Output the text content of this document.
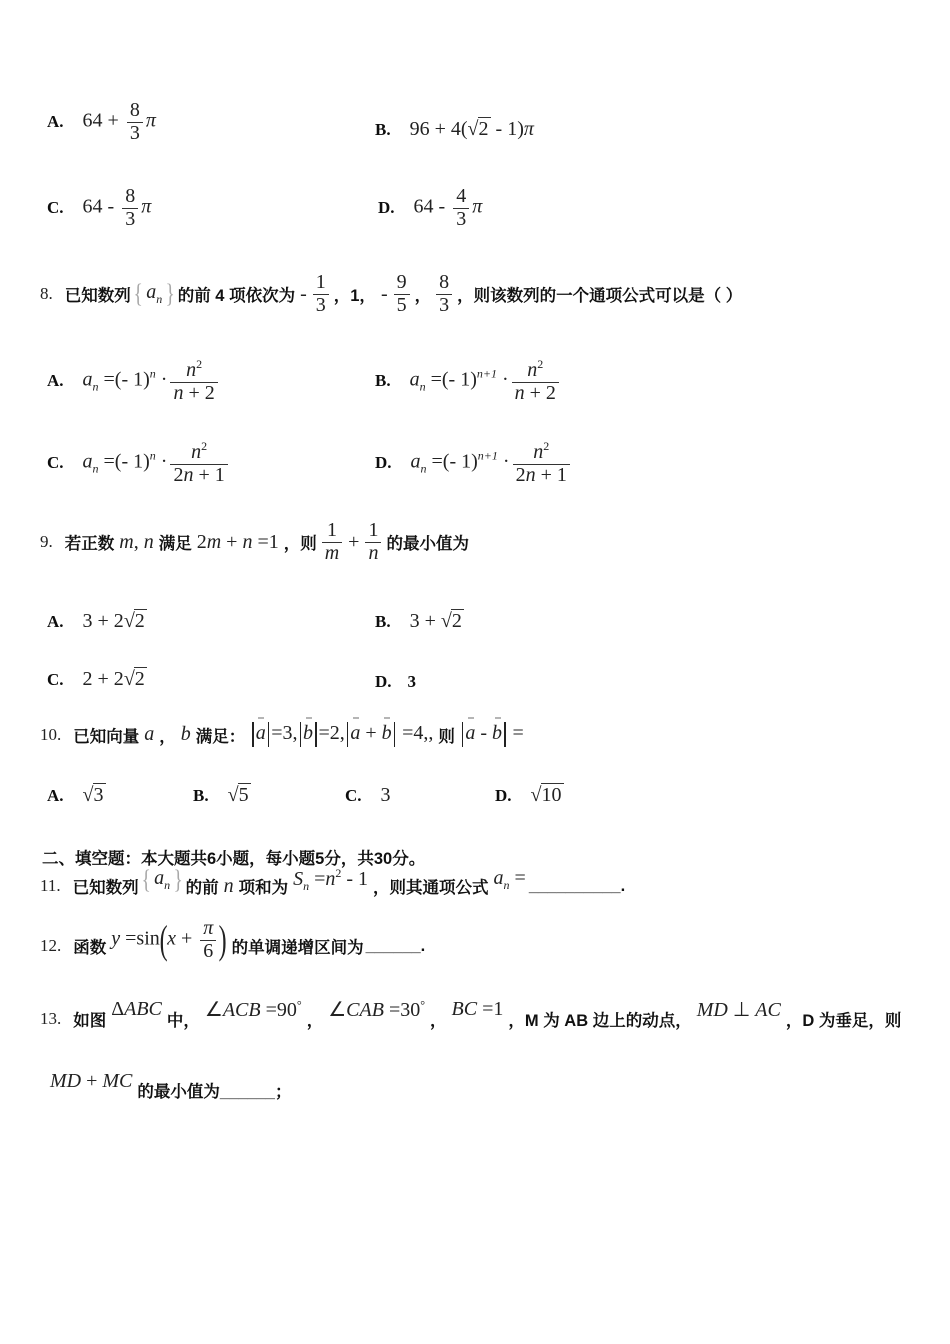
A. $64 + \frac{8}{3}$ π	B. 96 + 4(√2 - 1)π
C. $64 - \frac{8}{3}$ π	D. $64 - \frac{4}{3}$ π
8. 已知数列 { $a_n$ } 的前 4 项依次为 - $\frac{1}{3}$ ，1， - $\frac{9}{5}$ ， $\frac{8}{3}$ ，则该数列的一个通项公式可以是（ ）
A. $a_n$ =(- $1)^n \cdot \frac{n^2}{n + 2}$	B. $a_n$ =(- $1)^{n+1} \cdot \frac{n^2}{n + 2}$
C. $a_n$ =(- $1)^n \cdot \frac{n^2}{2n + 1}$	D. $a_n$ =(- $1)^{n+1} \cdot \frac{n^2}{2n + 1}$
9. 若正数 m, n 满足 2m + n =1 ，则 $\frac{1}{m} + \frac{1}{n}$ 的最小值为
A. 3 + 2√2	B. 3 + √2
C. 2 + 2√2	D. 3
10. 已知向量 a ， b 满足： ‖ a ‖ =3, ‖ b ‖ =2, ‖ a + b ‖ =4,, 则 ‖ a - b ‖ =
A. √3	B. √5	C. 3	D. √10
二、填空题：本大题共6小题，每小题5分，共30分。
11. 已知数列 { $a_n$ } 的前 n 项和为 $S_n =n^2 - 1$ ，则其通项公式 $a_n$ = __________.
12. 函数 $y =\sin(x + \frac{\pi}{6}$ ) 的单调递增区间为 ______.
13. 如图
ΔABC
中， ∠ACB =90°
， ∠CAB =30°
，
BC =1
，M 为 AB 边上的动点， MD ⊥ AC ，D 为垂足，则
MD + MC
的最小值为______；
